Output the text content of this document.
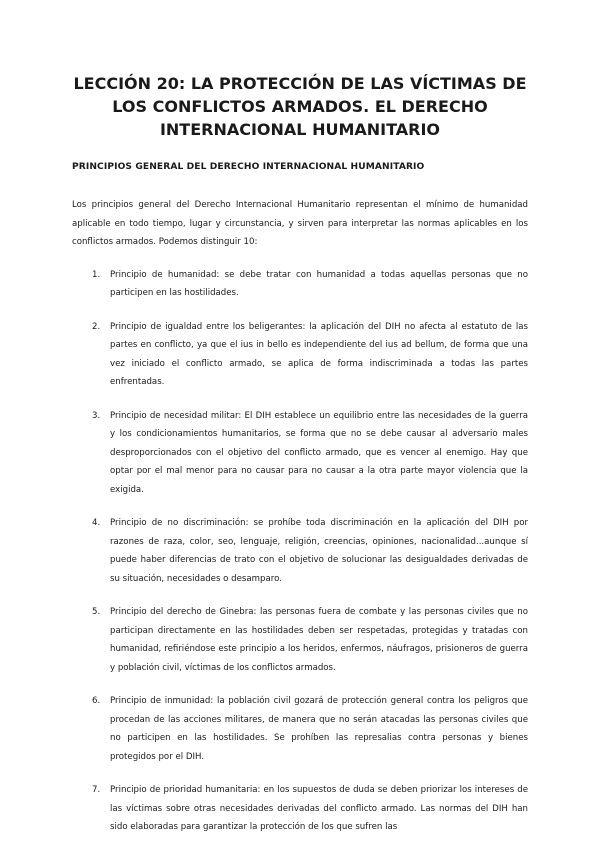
LECCIÓN 20: LA PROTECCIÓN DE LAS VÍCTIMAS DE LOS CONFLICTOS ARMADOS. EL DERECHO INTERNACIONAL HUMANITARIO
PRINCIPIOS GENERAL DEL DERECHO INTERNACIONAL HUMANITARIO

Los principios general del Derecho Internacional Humanitario representan el mínimo de humanidad aplicable en todo tiempo, lugar y circunstancia, y sirven para interpretar las normas aplicables en los conflictos armados. Podemos distinguir 10:

1. Principio de humanidad: se debe tratar con humanidad a todas aquellas personas que no participen en las hostilidades.
2. Principio de igualdad entre los beligerantes: la aplicación del DIH no afecta al estatuto de las partes en conflicto, ya que el ius in bello es independiente del ius ad bellum, de forma que una vez iniciado el conflicto armado, se aplica de forma indiscriminada a todas las partes enfrentadas.
3. Principio de necesidad militar: El DIH establece un equilibrio entre las necesidades de la guerra y los condicionamientos humanitarios, se forma que no se debe causar al adversario males desproporcionados con el objetivo del conflicto armado, que es vencer al enemigo. Hay que optar por el mal menor para no causar para no causar a la otra parte mayor violencia que la exigida.
4. Principio de no discriminación: se prohíbe toda discriminación en la aplicación del DIH por razones de raza, color, seo, lenguaje, religión, creencias, opiniones, nacionalidad...aunque sí puede haber diferencias de trato con el objetivo de solucionar las desigualdades derivadas de su situación, necesidades o desamparo.
5. Principio del derecho de Ginebra: las personas fuera de combate y las personas civiles que no participan directamente en las hostilidades deben ser respetadas, protegidas y tratadas con humanidad, refiriéndose este principio a los heridos, enfermos, náufragos, prisioneros de guerra y población civil, víctimas de los conflictos armados.
6. Principio de inmunidad: la población civil gozará de protección general contra los peligros que procedan de las acciones militares, de manera que no serán atacadas las personas civiles que no participen en las hostilidades. Se prohíben las represalias contra personas y bienes protegidos por el DIH.
7. Principio de prioridad humanitaria: en los supuestos de duda se deben priorizar los intereses de las víctimas sobre otras necesidades derivadas del conflicto armado. Las normas del DIH han sido elaboradas para garantizar la protección de los que sufren las
